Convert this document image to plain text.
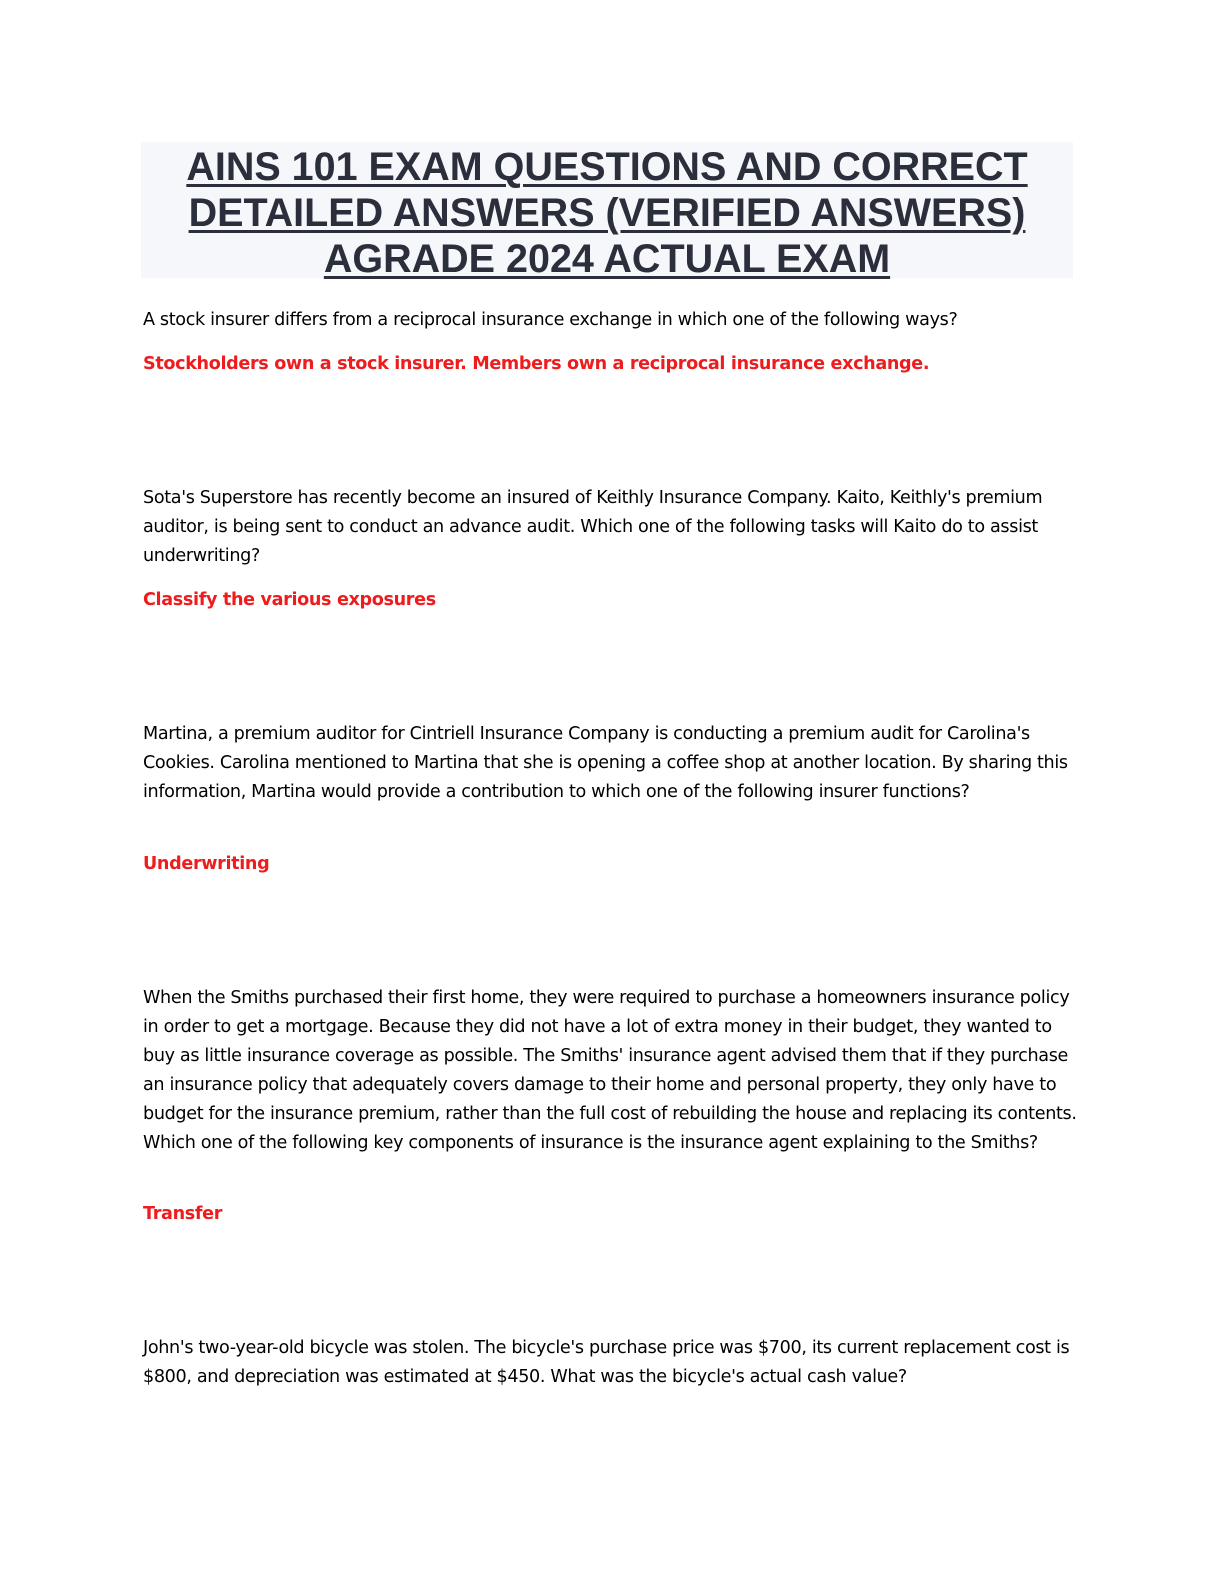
AINS 101 EXAM QUESTIONS AND CORRECT DETAILED ANSWERS (VERIFIED ANSWERS) AGRADE 2024 ACTUAL EXAM

A stock insurer differs from a reciprocal insurance exchange in which one of the following ways?

Stockholders own a stock insurer. Members own a reciprocal insurance exchange.

Sota's Superstore has recently become an insured of Keithly Insurance Company. Kaito, Keithly's premium auditor, is being sent to conduct an advance audit. Which one of the following tasks will Kaito do to assist underwriting?

Classify the various exposures

Martina, a premium auditor for Cintriell Insurance Company is conducting a premium audit for Carolina's Cookies. Carolina mentioned to Martina that she is opening a coffee shop at another location. By sharing this information, Martina would provide a contribution to which one of the following insurer functions?

Underwriting

When the Smiths purchased their first home, they were required to purchase a homeowners insurance policy in order to get a mortgage. Because they did not have a lot of extra money in their budget, they wanted to buy as little insurance coverage as possible. The Smiths' insurance agent advised them that if they purchase an insurance policy that adequately covers damage to their home and personal property, they only have to budget for the insurance premium, rather than the full cost of rebuilding the house and replacing its contents. Which one of the following key components of insurance is the insurance agent explaining to the Smiths?

Transfer

John's two-year-old bicycle was stolen. The bicycle's purchase price was $700, its current replacement cost is $800, and depreciation was estimated at $450. What was the bicycle's actual cash value?
